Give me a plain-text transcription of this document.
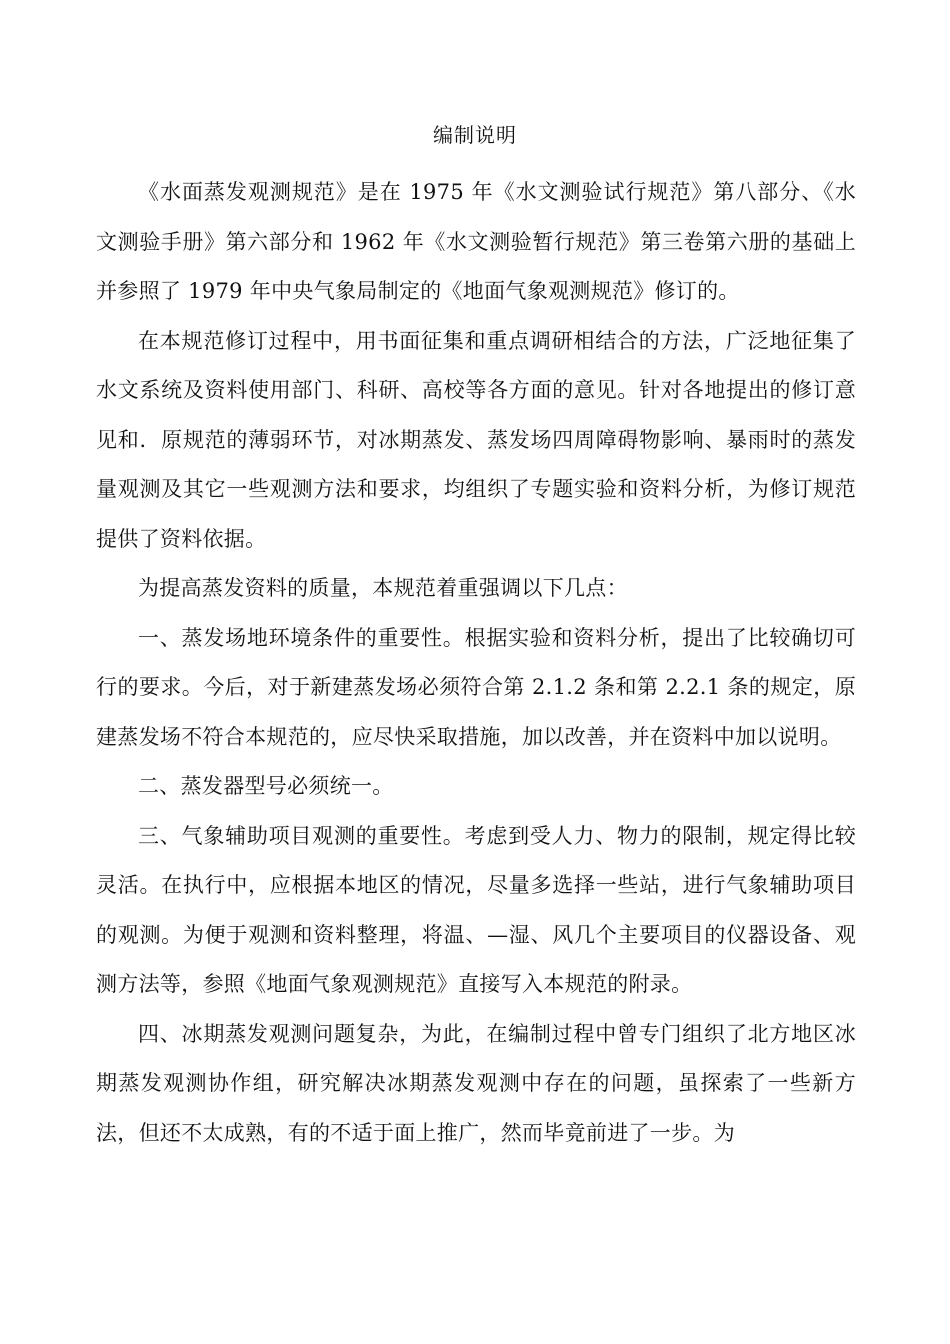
编制说明

《水面蒸发观测规范》是在 1975 年《水文测验试行规范》第八部分、《水文测验手册》第六部分和 1962 年《水文测验暂行规范》第三卷第六册的基础上并参照了 1979 年中央气象局制定的《地面气象观测规范》修订的。

在本规范修订过程中，用书面征集和重点调研相结合的方法，广泛地征集了水文系统及资料使用部门、科研、高校等各方面的意见。针对各地提出的修订意见和．原规范的薄弱环节，对冰期蒸发、蒸发场四周障碍物影响、暴雨时的蒸发量观测及其它一些观测方法和要求，均组织了专题实验和资料分析，为修订规范提供了资料依据。

为提高蒸发资料的质量，本规范着重强调以下几点：

一、蒸发场地环境条件的重要性。根据实验和资料分析，提出了比较确切可行的要求。今后，对于新建蒸发场必须符合第 2.1.2 条和第 2.2.1 条的规定，原建蒸发场不符合本规范的，应尽快采取措施，加以改善，并在资料中加以说明。

二、蒸发器型号必须统一。

三、气象辅助项目观测的重要性。考虑到受人力、物力的限制，规定得比较灵活。在执行中，应根据本地区的情况，尽量多选择一些站，进行气象辅助项目的观测。为便于观测和资料整理，将温、—湿、风几个主要项目的仪器设备、观测方法等，参照《地面气象观测规范》直接写入本规范的附录。

四、冰期蒸发观测问题复杂，为此，在编制过程中曾专门组织了北方地区冰期蒸发观测协作组，研究解决冰期蒸发观测中存在的问题，虽探索了一些新方法，但还不太成熟，有的不适于面上推广，然而毕竟前进了一步。为
